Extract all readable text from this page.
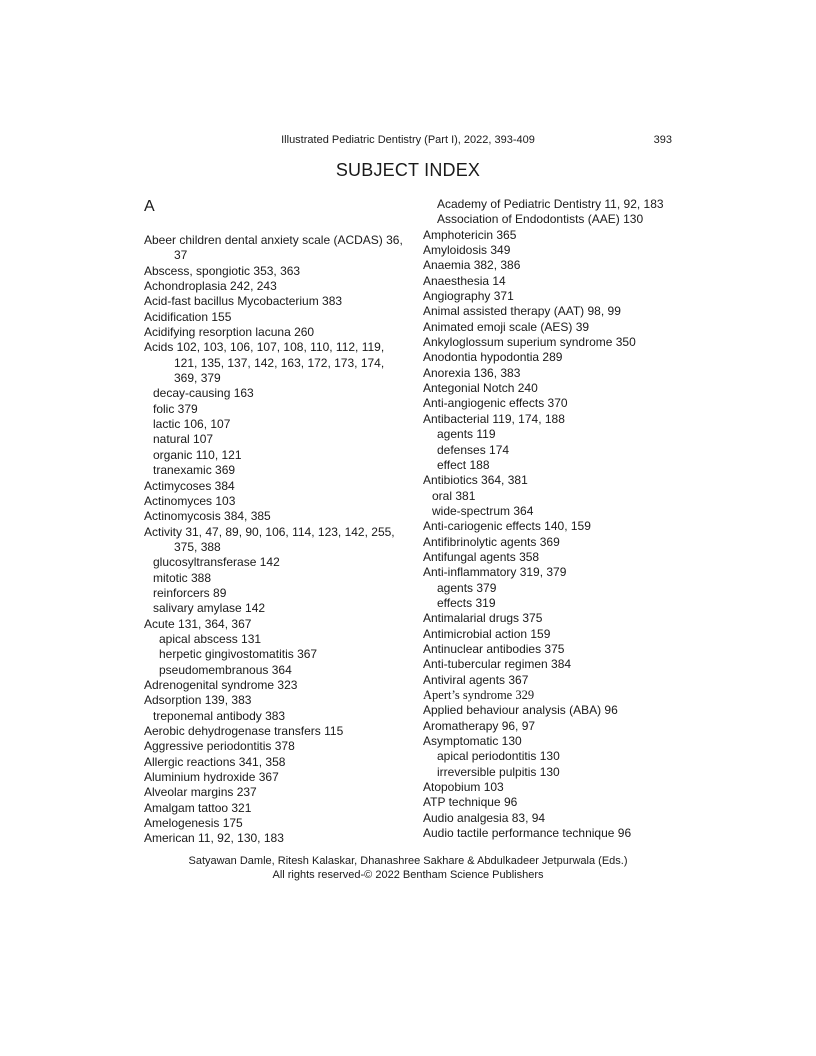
Illustrated Pediatric Dentistry (Part I), 2022, 393-409	393
SUBJECT INDEX
A
Abeer children dental anxiety scale (ACDAS) 36, 37
Abscess, spongiotic 353, 363
Achondroplasia 242, 243
Acid-fast bacillus Mycobacterium 383
Acidification 155
Acidifying resorption lacuna 260
Acids 102, 103, 106, 107, 108, 110, 112, 119, 121, 135, 137, 142, 163, 172, 173, 174, 369, 379
decay-causing 163
folic 379
lactic 106, 107
natural 107
organic 110, 121
tranexamic 369
Actimycoses 384
Actinomyces 103
Actinomycosis 384, 385
Activity 31, 47, 89, 90, 106, 114, 123, 142, 255, 375, 388
glucosyltransferase 142
mitotic 388
reinforcers 89
salivary amylase 142
Acute 131, 364, 367
apical abscess 131
herpetic gingivostomatitis 367
pseudomembranous 364
Adrenogenital syndrome 323
Adsorption 139, 383
treponemal antibody 383
Aerobic dehydrogenase transfers 115
Aggressive periodontitis 378
Allergic reactions 341, 358
Aluminium hydroxide 367
Alveolar margins 237
Amalgam tattoo 321
Amelogenesis 175
American 11, 92, 130, 183
Academy of Pediatric Dentistry 11, 92, 183
Association of Endodontists (AAE) 130
Amphotericin 365
Amyloidosis 349
Anaemia 382, 386
Anaesthesia 14
Angiography 371
Animal assisted therapy (AAT) 98, 99
Animated emoji scale (AES) 39
Ankyloglossum superium syndrome 350
Anodontia hypodontia 289
Anorexia 136, 383
Antegonial Notch 240
Anti-angiogenic effects 370
Antibacterial 119, 174, 188
agents 119
defenses 174
effect 188
Antibiotics 364, 381
oral 381
wide-spectrum 364
Anti-cariogenic effects 140, 159
Antifibrinolytic agents 369
Antifungal agents 358
Anti-inflammatory 319, 379
agents 379
effects 319
Antimalarial drugs 375
Antimicrobial action 159
Antinuclear antibodies 375
Anti-tubercular regimen 384
Antiviral agents 367
Apert’s syndrome 329
Applied behaviour analysis (ABA) 96
Aromatherapy 96, 97
Asymptomatic 130
apical periodontitis 130
irreversible pulpitis 130
Atopobium 103
ATP technique 96
Audio analgesia 83, 94
Audio tactile performance technique 96
Satyawan Damle, Ritesh Kalaskar, Dhanashree Sakhare & Abdulkadeer Jetpurwala (Eds.)
All rights reserved-© 2022 Bentham Science Publishers
